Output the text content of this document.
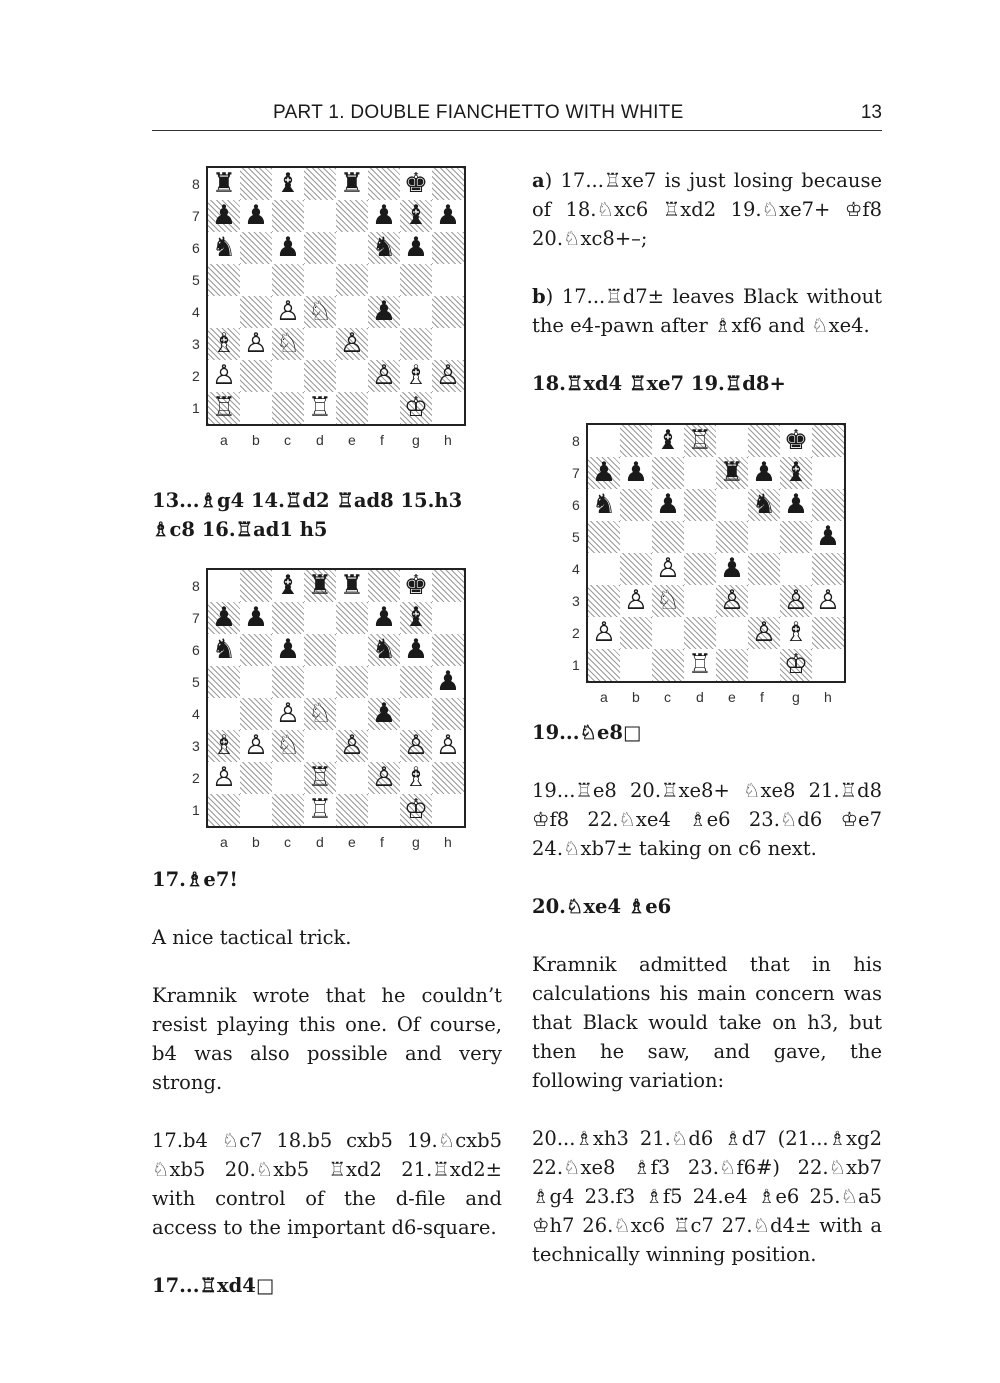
PART 1. DOUBLE FIANCHETTO WITH WHITE	13
♜ ♝ ♜ ♚
♟ ♟	♟ ♝ ♟
♞ ♟	♞ ♟
♙ ♘ ♟
♗ ♙ ♘ ♙
♙	♙ ♗ ♙
♖	♖	♔
8
7
6
5
4
3
2
1
a b c d e f g h

13...♗g4 14.♖d2 ♖ad8 15.h3 ♗c8 16.♖ad1 h5

♝ ♜ ♜ ♚
♟ ♟	♟ ♝
♞ ♟	♞ ♟
♟
♙ ♘ ♟
♗ ♙ ♘ ♙ ♙ ♙
♙	♖ ♙ ♗
♖	♔
8
7
6
5
4
3
2
1
a b c d e f g h

17.♗e7!

A nice tactical trick.

Kramnik wrote that he couldn’t resist playing this one. Of course, b4 was also possible and very strong.

17.b4 ♘c7 18.b5 cxb5 19.♘cxb5 ♘xb5 20.♘xb5 ♖xd2 21.♖xd2± with control of the d-file and access to the important d6-square.

17...♖xd4□

a) 17...♖xe7 is just losing because of 18.♘xc6 ♖xd2 19.♘xe7+ ♔f8 20.♘xc8+–;

b) 17...♖d7± leaves Black without the e4-pawn after ♗xf6 and ♘xe4.

18.♖xd4 ♖xe7 19.♖d8+

♝ ♖	♚
♟ ♟	♜ ♟ ♝
♞ ♟	♞ ♟
♟
♙ ♟
♙ ♘ ♙ ♙ ♙
♙	♙ ♗
♖	♔
8
7
6
5
4
3
2
1
a b c d e f g h

19...♘e8□

19...♖e8 20.♖xe8+ ♘xe8 21.♖d8 ♔f8 22.♘xe4 ♗e6 23.♘d6 ♔e7 24.♘xb7± taking on c6 next.

20.♘xe4 ♗e6

Kramnik admitted that in his calculations his main concern was that Black would take on h3, but then he saw, and gave, the following variation:

20...♗xh3 21.♘d6 ♗d7 (21...♗xg2 22.♘xe8 ♗f3 23.♘f6#) 22.♘xb7 ♗g4 23.f3 ♗f5 24.e4 ♗e6 25.♘a5 ♔h7 26.♘xc6 ♖c7 27.♘d4± with a technically winning position.
